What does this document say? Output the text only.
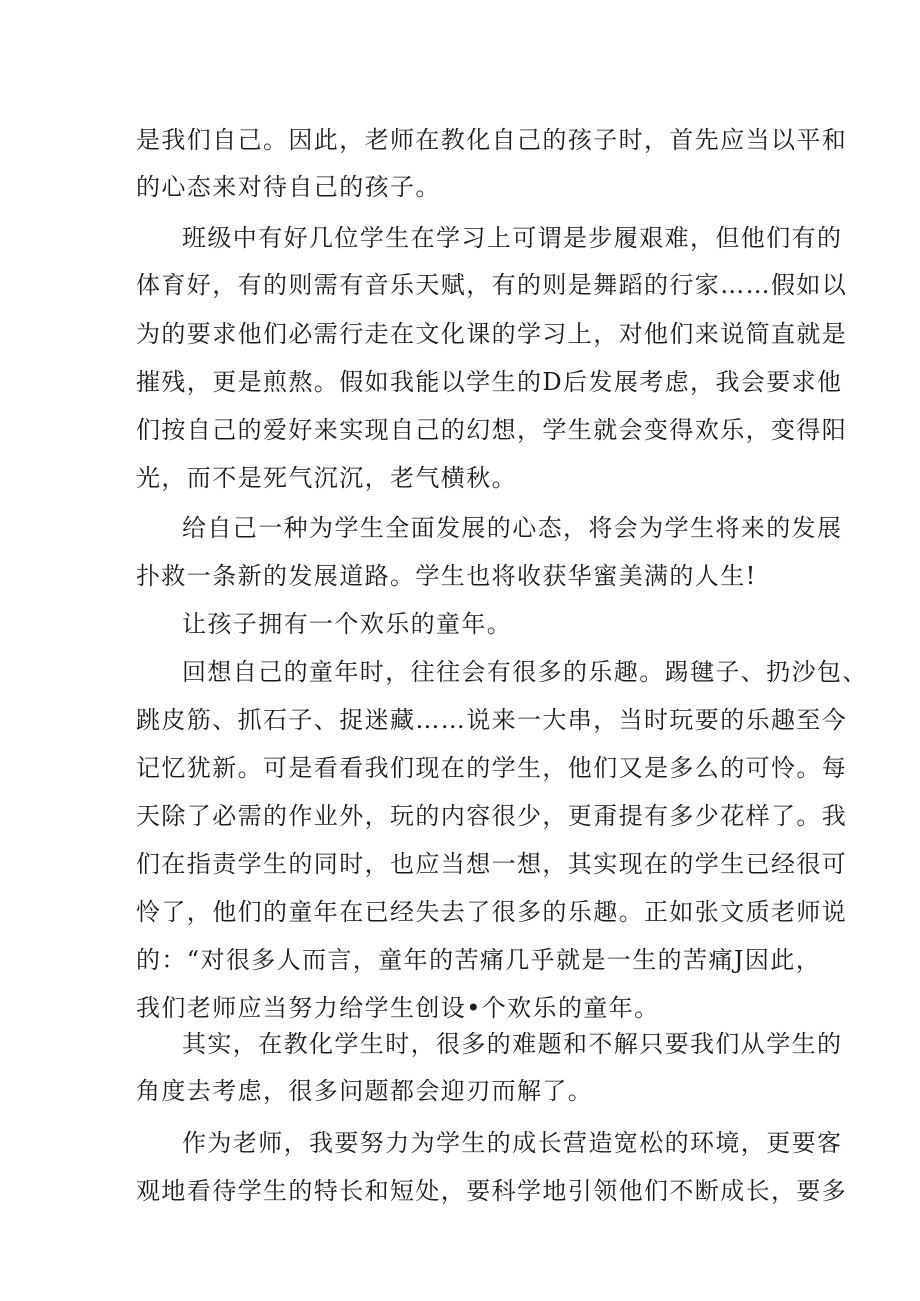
是我们自己。因此，老师在教化自己的孩子时，首先应当以平和
的心态来对待自己的孩子。
班级中有好几位学生在学习上可谓是步履艰难，但他们有的
体育好，有的则需有音乐天赋，有的则是舞蹈的行家……假如以
为的要求他们必需行走在文化课的学习上，对他们来说简直就是
摧残，更是煎熬。假如我能以学生的D后发展考虑，我会要求他
们按自己的爱好来实现自己的幻想，学生就会变得欢乐，变得阳
光，而不是死气沉沉，老气横秋。
给自己一种为学生全面发展的心态，将会为学生将来的发展
扑救一条新的发展道路。学生也将收获华蜜美满的人生!
让孩子拥有一个欢乐的童年。
回想自己的童年时，往往会有很多的乐趣。踢毽子、扔沙包、
跳皮筋、抓石子、捉迷藏……说来一大串，当时玩要的乐趣至今
记忆犹新。可是看看我们现在的学生，他们又是多么的可怜。每
天除了必需的作业外，玩的内容很少，更甭提有多少花样了。我
们在指责学生的同时，也应当想一想，其实现在的学生已经很可
怜了，他们的童年在已经失去了很多的乐趣。正如张文质老师说
的：“对很多人而言，童年的苦痛几乎就是一生的苦痛J因此，
我们老师应当努力给学生创设•个欢乐的童年。
其实，在教化学生时，很多的难题和不解只要我们从学生的
角度去考虑，很多问题都会迎刃而解了。
作为老师，我要努力为学生的成长营造宽松的环境，更要客
观地看待学生的特长和短处，要科学地引领他们不断成长，要多
